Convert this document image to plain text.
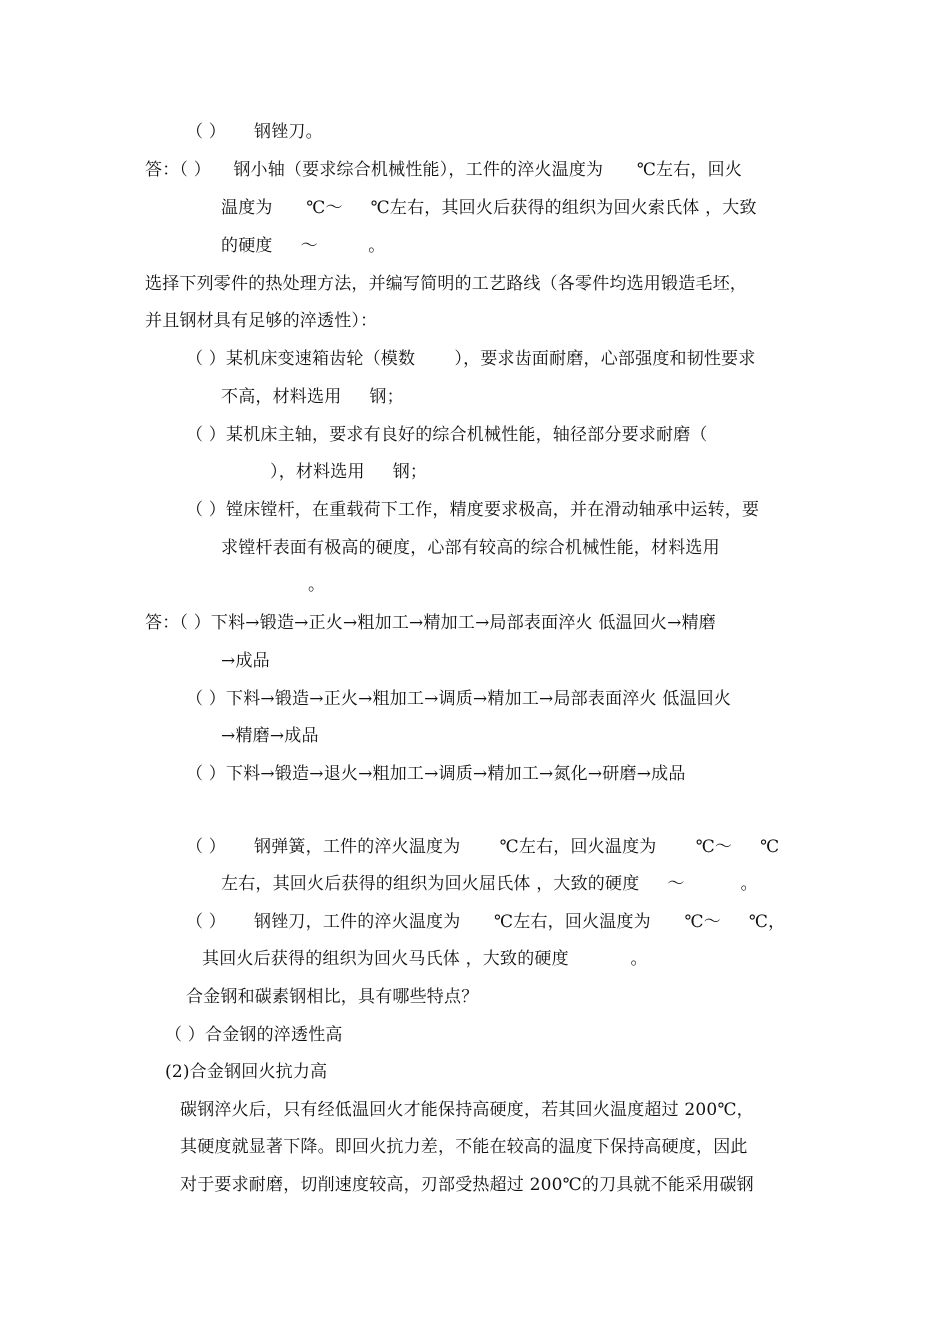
（ ）     钢锉刀。
答：（ ）    钢小轴（要求综合机械性能），工件的淬火温度为      ℃左右，回火
温度为      ℃～     ℃左右，其回火后获得的组织为回火索氏体 ，大致
的硬度     ～         。
选择下列零件的热处理方法，并编写简明的工艺路线（各零件均选用锻造毛坯，
并且钢材具有足够的淬透性）：
（ ）某机床变速箱齿轮（模数       ），要求齿面耐磨，心部强度和韧性要求
不高，材料选用     钢；
（ ）某机床主轴，要求有良好的综合机械性能，轴径部分要求耐磨（
），材料选用     钢；
（ ）镗床镗杆，在重载荷下工作，精度要求极高，并在滑动轴承中运转，要
求镗杆表面有极高的硬度，心部有较高的综合机械性能，材料选用
。
答：（ ）下料→锻造→正火→粗加工→精加工→局部表面淬火 低温回火→精磨
→成品
（ ）下料→锻造→正火→粗加工→调质→精加工→局部表面淬火 低温回火
→精磨→成品
（ ）下料→锻造→退火→粗加工→调质→精加工→氮化→研磨→成品
（ ）     钢弹簧，工件的淬火温度为       ℃左右，回火温度为       ℃～     ℃
左右，其回火后获得的组织为回火屈氏体 ，大致的硬度     ～          。
（ ）     钢锉刀，工件的淬火温度为      ℃左右，回火温度为      ℃～     ℃，
其回火后获得的组织为回火马氏体 ，大致的硬度           。
合金钢和碳素钢相比，具有哪些特点？
（ ）合金钢的淬透性高
(2)合金钢回火抗力高
碳钢淬火后，只有经低温回火才能保持高硬度，若其回火温度超过 200℃，
其硬度就显著下降。即回火抗力差，不能在较高的温度下保持高硬度，因此
对于要求耐磨，切削速度较高，刃部受热超过 200℃的刀具就不能采用碳钢
